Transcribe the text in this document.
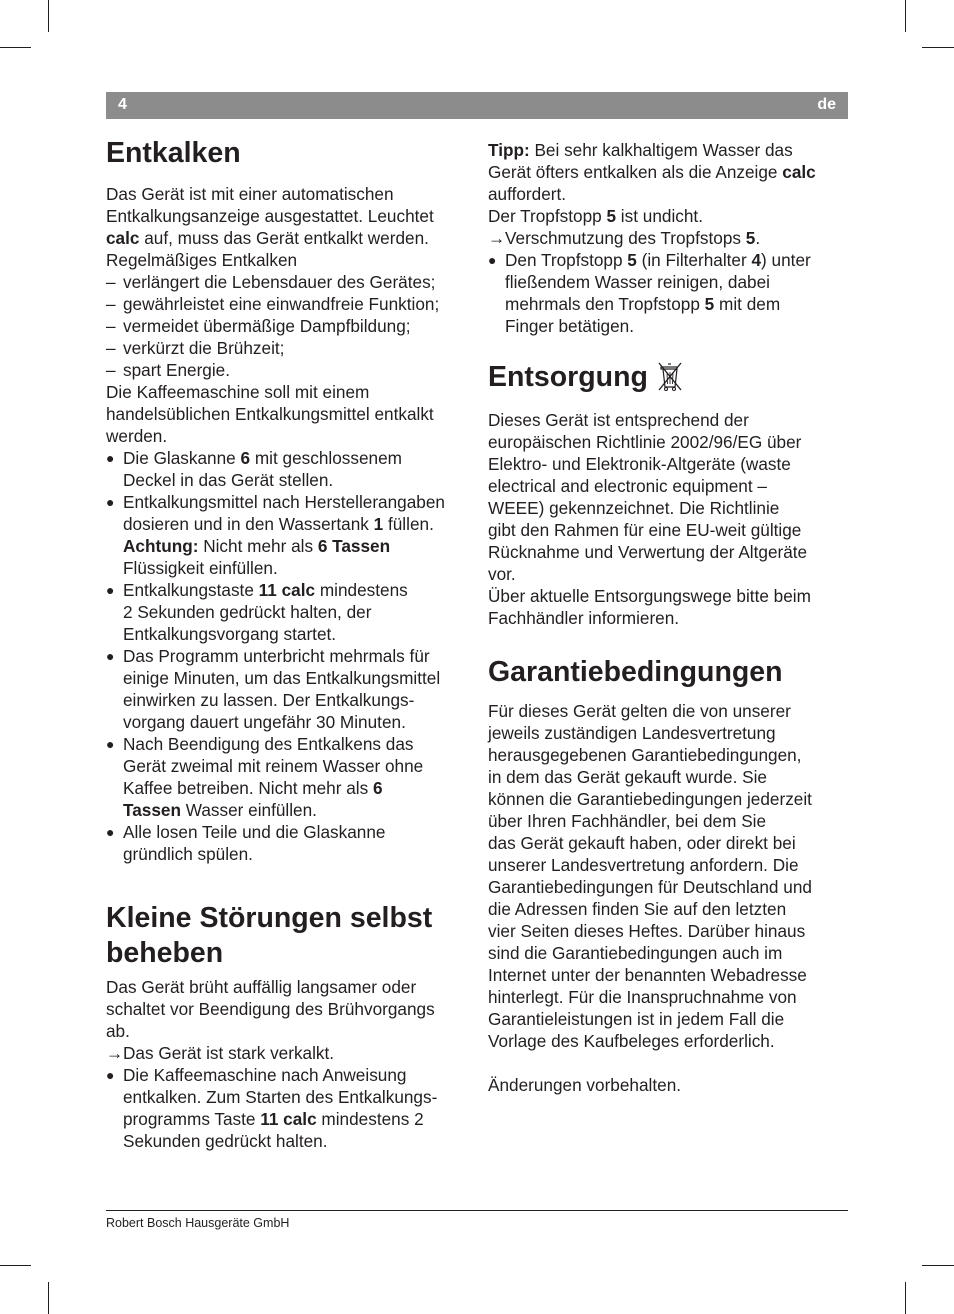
4	de
Entkalken
Das Gerät ist mit einer automatischen
Entkalkungsanzeige ausgestattet. Leuchtet
calc auf, muss das Gerät entkalkt werden.
Regelmäßiges Entkalken
– verlängert die Lebensdauer des Gerätes;
– gewährleistet eine einwandfreie Funktion;
– vermeidet übermäßige Dampfbildung;
– verkürzt die Brühzeit;
– spart Energie.
Die Kaffeemaschine soll mit einem
handelsüblichen Entkalkungsmittel entkalkt
werden.
● Die Glaskanne 6 mit geschlossenem
Deckel in das Gerät stellen.
● Entkalkungsmittel nach Herstellerangaben
dosieren und in den Wassertank 1 füllen.
Achtung: Nicht mehr als 6 Tassen
Flüssigkeit einfüllen.
● Entkalkungstaste 11 calc mindestens
2 Sekunden gedrückt halten, der
Entkalkungsvorgang startet.
● Das Programm unterbricht mehrmals für
einige Minuten, um das Entkalkungsmittel
einwirken zu lassen. Der Entkalkungs-
vorgang dauert ungefähr 30 Minuten.
● Nach Beendigung des Entkalkens das
Gerät zweimal mit reinem Wasser ohne
Kaffee betreiben. Nicht mehr als 6
Tassen Wasser einfüllen.
● Alle losen Teile und die Glaskanne
gründlich spülen.
Kleine Störungen selbst
beheben
Das Gerät brüht auffällig langsamer oder
schaltet vor Beendigung des Brühvorgangs
ab.
→ Das Gerät ist stark verkalkt.
● Die Kaffeemaschine nach Anweisung
entkalken. Zum Starten des Entkalkungs-
programms Taste 11 calc mindestens 2
Sekunden gedrückt halten.
Tipp: Bei sehr kalkhaltigem Wasser das
Gerät öfters entkalken als die Anzeige calc
auffordert.
Der Tropfstopp 5 ist undicht.
→ Verschmutzung des Tropfstops 5.
● Den Tropfstopp 5 (in Filterhalter 4) unter
fließendem Wasser reinigen, dabei
mehrmals den Tropfstopp 5 mit dem
Finger betätigen.
Entsorgung
Dieses Gerät ist entsprechend der
europäischen Richtlinie 2002/96/EG über
Elektro- und Elektronik-Altgeräte (waste
electrical and electronic equipment –
WEEE) gekennzeichnet. Die Richtlinie
gibt den Rahmen für eine EU-weit gültige
Rücknahme und Verwertung der Altgeräte
vor.
Über aktuelle Entsorgungswege bitte beim
Fachhändler informieren.
Garantiebedingungen
Für dieses Gerät gelten die von unserer
jeweils zuständigen Landesvertretung
herausgegebenen Garantiebedingungen,
in dem das Gerät gekauft wurde. Sie
können die Garantiebedingungen jederzeit
über Ihren Fachhändler, bei dem Sie
das Gerät gekauft haben, oder direkt bei
unserer Landesvertretung anfordern. Die
Garantiebedingungen für Deutschland und
die Adressen finden Sie auf den letzten
vier Seiten dieses Heftes. Darüber hinaus
sind die Garantiebedingungen auch im
Internet unter der benannten Webadresse
hinterlegt. Für die Inanspruchnahme von
Garantieleistungen ist in jedem Fall die
Vorlage des Kaufbeleges erforderlich.
Änderungen vorbehalten.
Robert Bosch Hausgeräte GmbH
